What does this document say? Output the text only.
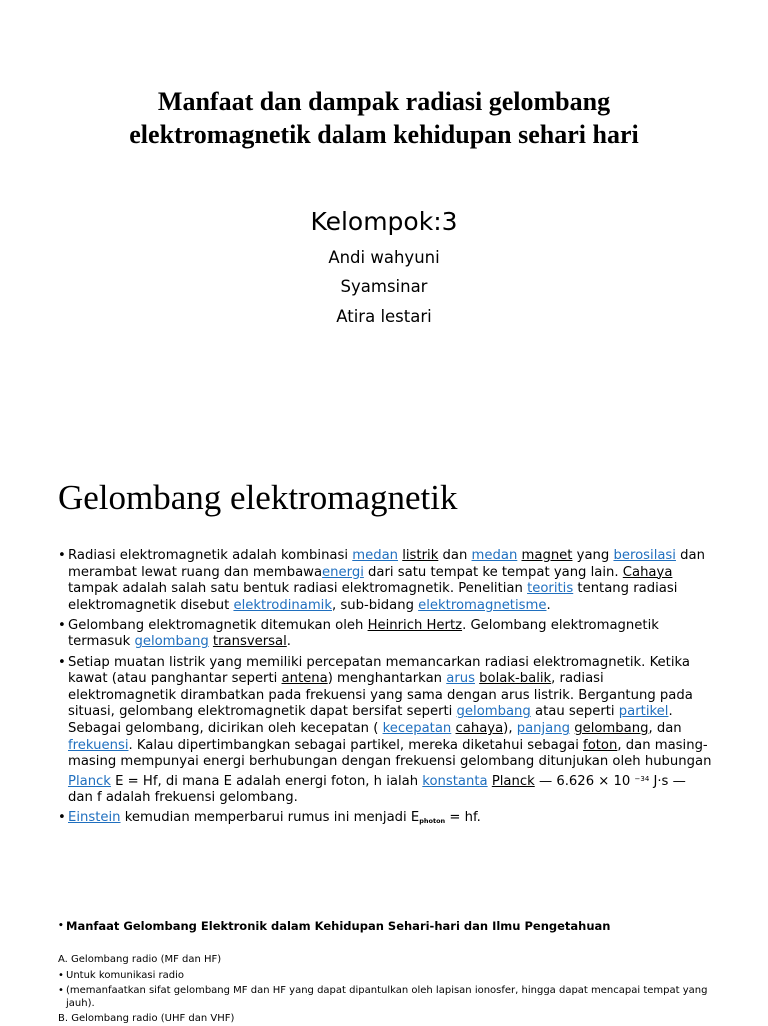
Manfaat dan dampak radiasi gelombang
elektromagnetik dalam kehidupan sehari hari
Kelompok:3
Andi wahyuni
Syamsinar
Atira lestari
Gelombang elektromagnetik
• Radiasi elektromagnetik adalah kombinasi medan listrik dan medan magnet yang berosilasi dan merambat lewat ruang dan membawaenergi dari satu tempat ke tempat yang lain. Cahaya tampak adalah salah satu bentuk radiasi elektromagnetik. Penelitian teoritis tentang radiasi elektromagnetik disebut elektrodinamik, sub-bidang elektromagnetisme.
• Gelombang elektromagnetik ditemukan oleh Heinrich Hertz. Gelombang elektromagnetik termasuk gelombang transversal.
• Setiap muatan listrik yang memiliki percepatan memancarkan radiasi elektromagnetik. Ketika kawat (atau panghantar seperti antena) menghantarkan arus bolak-balik, radiasi elektromagnetik dirambatkan pada frekuensi yang sama dengan arus listrik. Bergantung pada situasi, gelombang elektromagnetik dapat bersifat seperti gelombang atau seperti partikel. Sebagai gelombang, dicirikan oleh kecepatan ( kecepatan cahaya), panjang gelombang, dan frekuensi. Kalau dipertimbangkan sebagai partikel, mereka diketahui sebagai foton, dan masing-masing mempunyai energi berhubungan dengan frekuensi gelombang ditunjukan oleh hubungan Planck E = Hf, di mana E adalah energi foton, h ialah konstanta Planck — 6.626 × 10 $^{-34}$ J·s — dan f adalah frekuensi gelombang.
• Einstein kemudian memperbarui rumus ini menjadi $E_{photon}$ = hf.
• Manfaat Gelombang Elektronik dalam Kehidupan Sehari-hari dan Ilmu Pengetahuan
A. Gelombang radio (MF dan HF)
• Untuk komunikasi radio
• (memanfaatkan sifat gelombang MF dan HF yang dapat dipantulkan oleh lapisan ionosfer, hingga dapat mencapai tempat yang jauh).
B. Gelombang radio (UHF dan VHF)
